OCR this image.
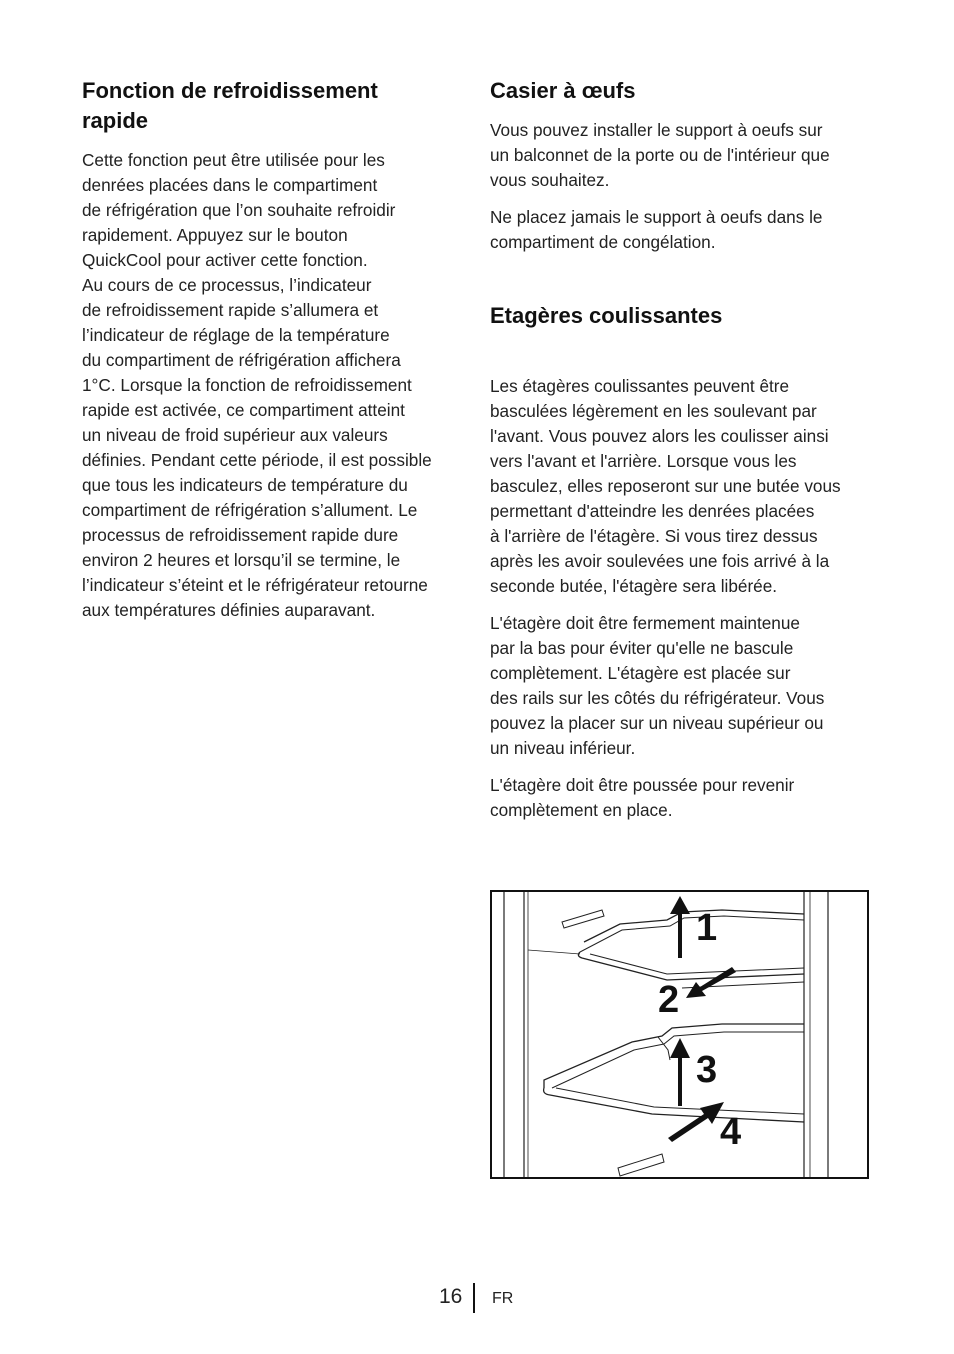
Fonction de refroidissement
rapide

Cette fonction peut être utilisée pour les
denrées placées dans le compartiment
de réfrigération que l’on souhaite refroidir
rapidement. Appuyez sur le bouton
QuickCool pour activer cette fonction.
Au cours de ce processus, l’indicateur
de refroidissement rapide s’allumera et
l’indicateur de réglage de la température
du compartiment de réfrigération affichera
1°C. Lorsque la fonction de refroidissement
rapide est activée, ce compartiment atteint
un niveau de froid supérieur aux valeurs
définies. Pendant cette période, il est possible
que tous les indicateurs de température du
compartiment de réfrigération s’allument. Le
processus de refroidissement rapide dure
environ 2 heures et lorsqu’il se termine, le
l’indicateur s’éteint et le réfrigérateur retourne
aux températures définies auparavant.

Casier à œufs

Vous pouvez installer le support à oeufs sur
un balconnet de la porte ou de l'intérieur que
vous souhaitez.

Ne placez jamais le support à oeufs dans le
compartiment de congélation.

Etagères coulissantes

Les étagères coulissantes peuvent être
basculées légèrement en les soulevant par
l'avant. Vous pouvez alors les coulisser ainsi
vers l'avant et l'arrière. Lorsque vous les
basculez, elles reposeront sur une butée vous
permettant d'atteindre les denrées placées
à l'arrière de l'étagère. Si vous tirez dessus
après les avoir soulevées une fois arrivé à la
seconde butée, l'étagère sera libérée.

L'étagère doit être fermement maintenue
par la bas pour éviter qu'elle ne bascule
complètement. L'étagère est placée sur
des rails sur les côtés du réfrigérateur. Vous
pouvez la placer sur un niveau supérieur ou
un niveau inférieur.

L'étagère doit être poussée pour revenir
complètement en place.

1
2
3
4
16 FR
